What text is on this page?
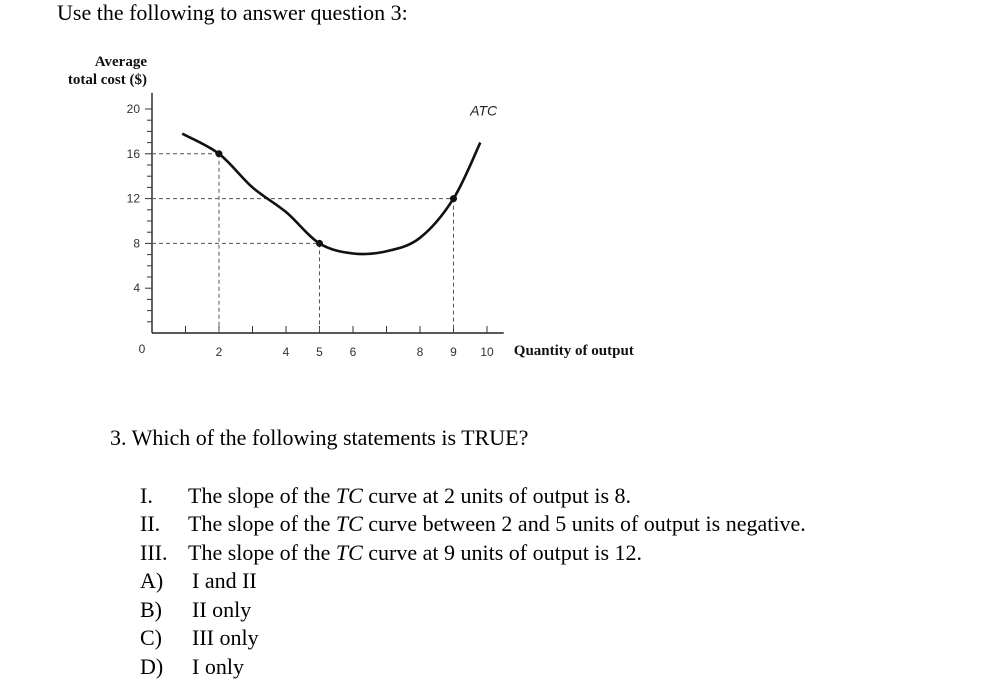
Use the following to answer question 3:
4
8
12
16
20
0	2	4 5 6	8 9 10
Average
total cost ($)
Quantity of output
ATC
3. Which of the following statements is TRUE?
I. The slope of the TC curve at 2 units of output is 8.
II. The slope of the TC curve between 2 and 5 units of output is negative.
III. The slope of the TC curve at 9 units of output is 12.
A) I and II
B) II only
C) III only
D) I only
